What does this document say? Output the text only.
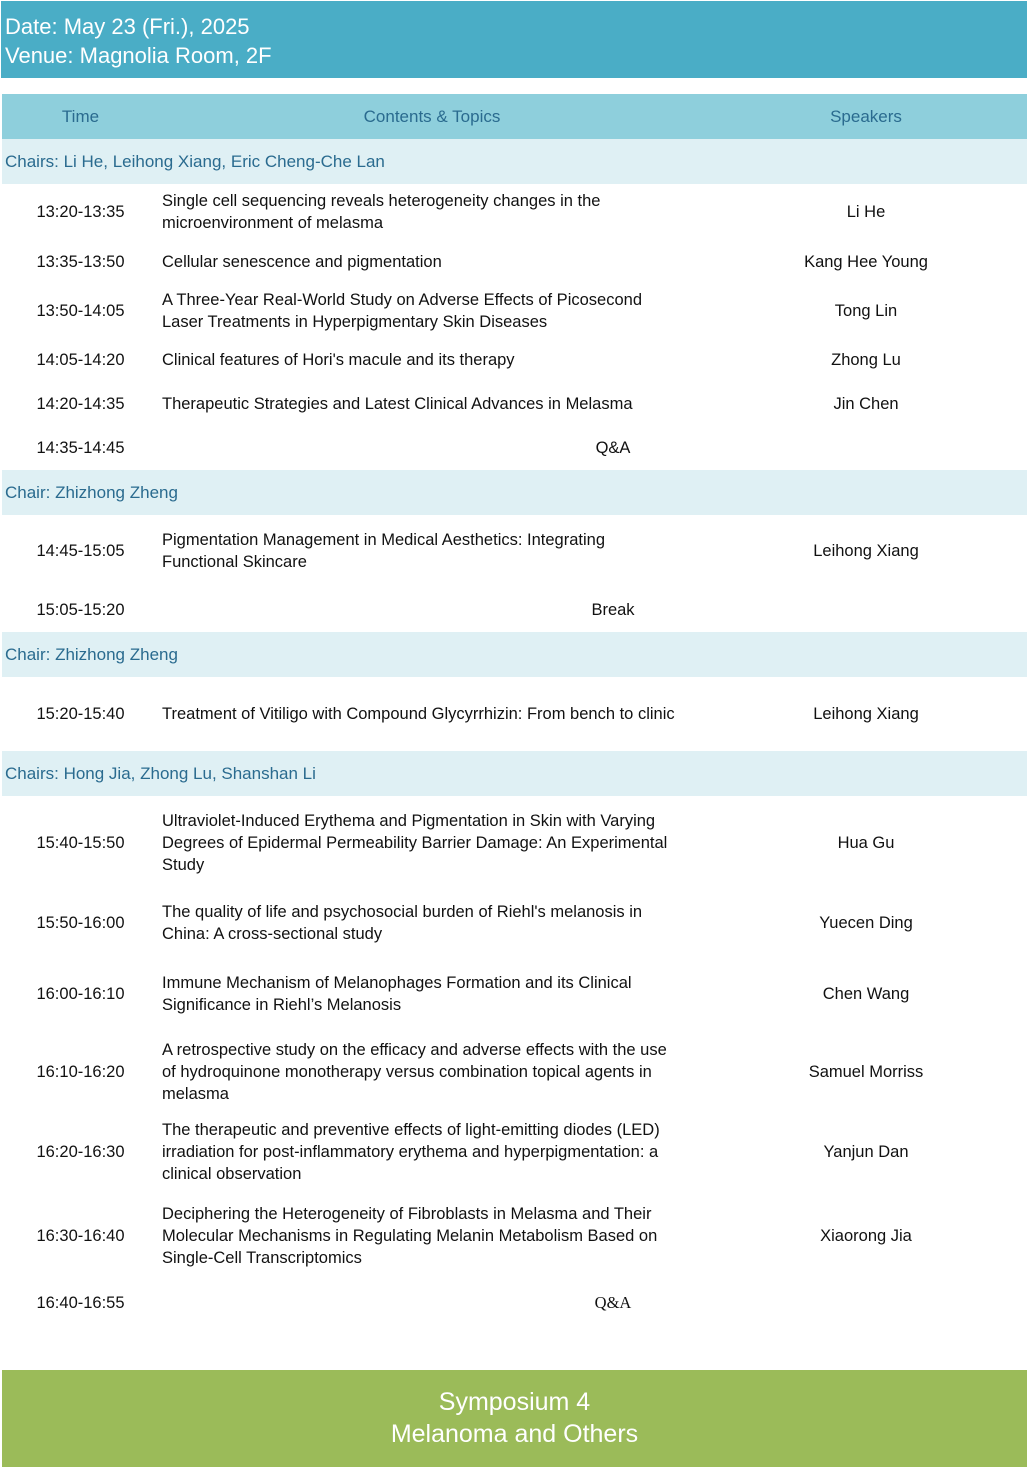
Date: May 23 (Fri.), 2025
Venue: Magnolia Room, 2F
Time	Contents & Topics	Speakers
Chairs: Li He, Leihong Xiang, Eric Cheng-Che Lan		
13:20-13:35	Single cell sequencing reveals heterogeneity changes in the microenvironment of melasma	Li He
13:35-13:50	Cellular senescence and pigmentation	Kang Hee Young
13:50-14:05	A Three-Year Real-World Study on Adverse Effects of Picosecond Laser Treatments in Hyperpigmentary Skin Diseases	Tong Lin
14:05-14:20	Clinical features of Hori's macule and its therapy	Zhong Lu
14:20-14:35	Therapeutic Strategies and Latest Clinical Advances in Melasma	Jin Chen
14:35-14:45	Q&A	
Chair: Zhizhong Zheng		
14:45-15:05	Pigmentation Management in Medical Aesthetics: Integrating Functional Skincare	Leihong Xiang
15:05-15:20	Break	
Chair: Zhizhong Zheng		
15:20-15:40	Treatment of Vitiligo with Compound Glycyrrhizin: From bench to clinic	Leihong Xiang
Chairs: Hong Jia, Zhong Lu, Shanshan Li		
15:40-15:50	Ultraviolet-Induced Erythema and Pigmentation in Skin with Varying Degrees of Epidermal Permeability Barrier Damage: An Experimental Study	Hua Gu
15:50-16:00	The quality of life and psychosocial burden of Riehl's melanosis in China: A cross-sectional study	Yuecen Ding
16:00-16:10	Immune Mechanism of Melanophages Formation and its Clinical Significance in Riehl’s Melanosis	Chen Wang
16:10-16:20	A retrospective study on the efficacy and adverse effects with the use of hydroquinone monotherapy versus combination topical agents in melasma	Samuel Morriss
16:20-16:30	The therapeutic and preventive effects of light-emitting diodes (LED) irradiation for post-inflammatory erythema and hyperpigmentation: a clinical observation	Yanjun Dan
16:30-16:40	Deciphering the Heterogeneity of Fibroblasts in Melasma and Their Molecular Mechanisms in Regulating Melanin Metabolism Based on Single-Cell Transcriptomics	Xiaorong Jia
16:40-16:55	Q&A	
Symposium 4
Melanoma and Others
